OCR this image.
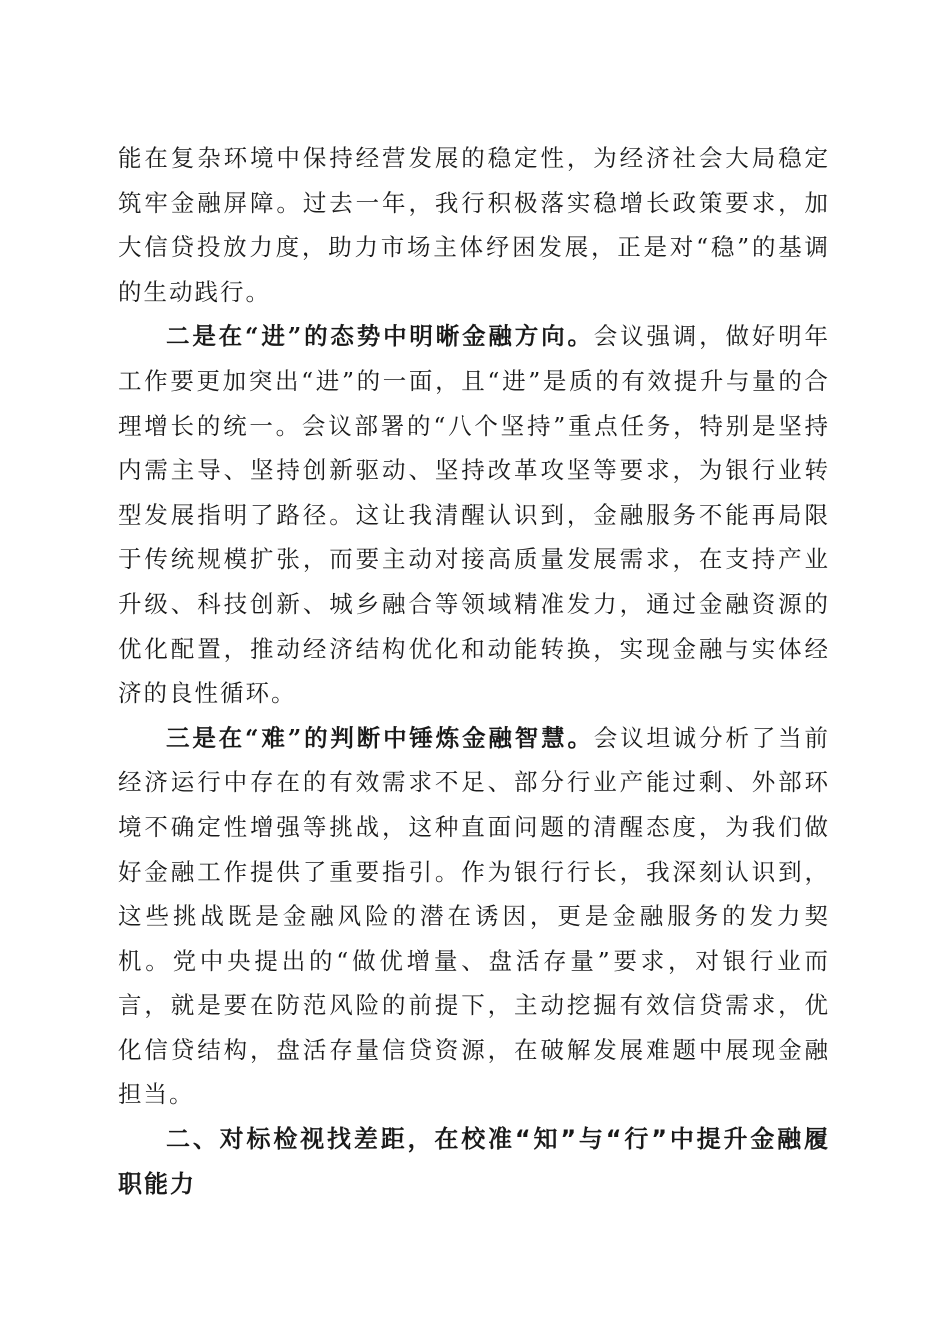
能在复杂环境中保持经营发展的稳定性，为经济社会大局稳定筑牢金融屏障。过去一年，我行积极落实稳增长政策要求，加大信贷投放力度，助力市场主体纾困发展，正是对“稳”的基调的生动践行。

二是在“进”的态势中明晰金融方向。会议强调，做好明年工作要更加突出“进”的一面，且“进”是质的有效提升与量的合理增长的统一。会议部署的“八个坚持”重点任务，特别是坚持内需主导、坚持创新驱动、坚持改革攻坚等要求，为银行业转型发展指明了路径。这让我清醒认识到，金融服务不能再局限于传统规模扩张，而要主动对接高质量发展需求，在支持产业升级、科技创新、城乡融合等领域精准发力，通过金融资源的优化配置，推动经济结构优化和动能转换，实现金融与实体经济的良性循环。

三是在“难”的判断中锤炼金融智慧。会议坦诚分析了当前经济运行中存在的有效需求不足、部分行业产能过剩、外部环境不确定性增强等挑战，这种直面问题的清醒态度，为我们做好金融工作提供了重要指引。作为银行行长，我深刻认识到，这些挑战既是金融风险的潜在诱因，更是金融服务的发力契机。党中央提出的“做优增量、盘活存量”要求，对银行业而言，就是要在防范风险的前提下，主动挖掘有效信贷需求，优化信贷结构，盘活存量信贷资源，在破解发展难题中展现金融担当。

二、对标检视找差距，在校准“知”与“行”中提升金融履职能力
